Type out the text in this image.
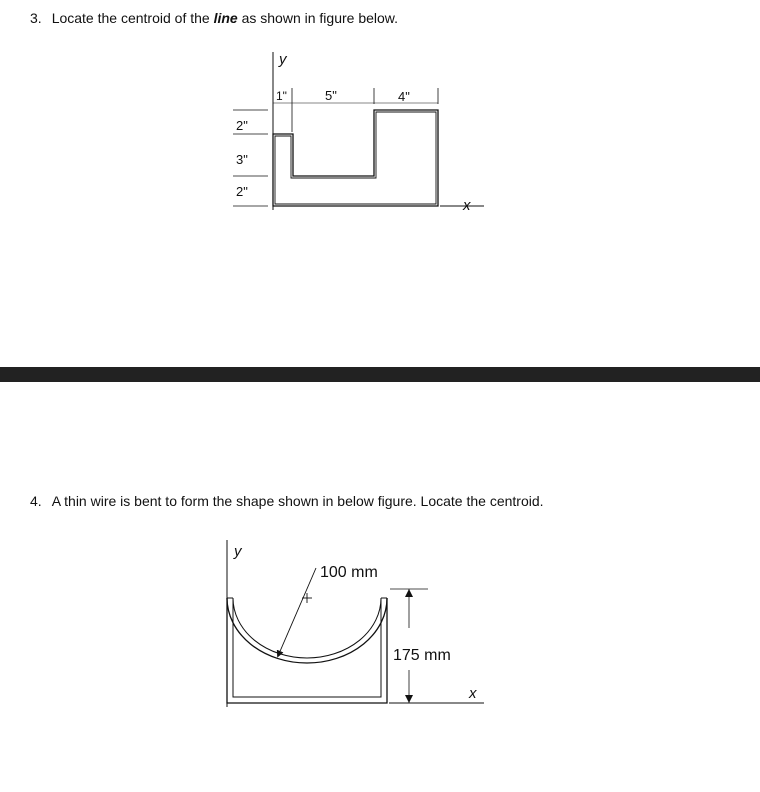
3. Locate the centroid of the line as shown in figure below.
y
x
1"	5"	4"
2"
3"
2"
4. A thin wire is bent to form the shape shown in below figure. Locate the centroid.
y
x
100 mm
175 mm
